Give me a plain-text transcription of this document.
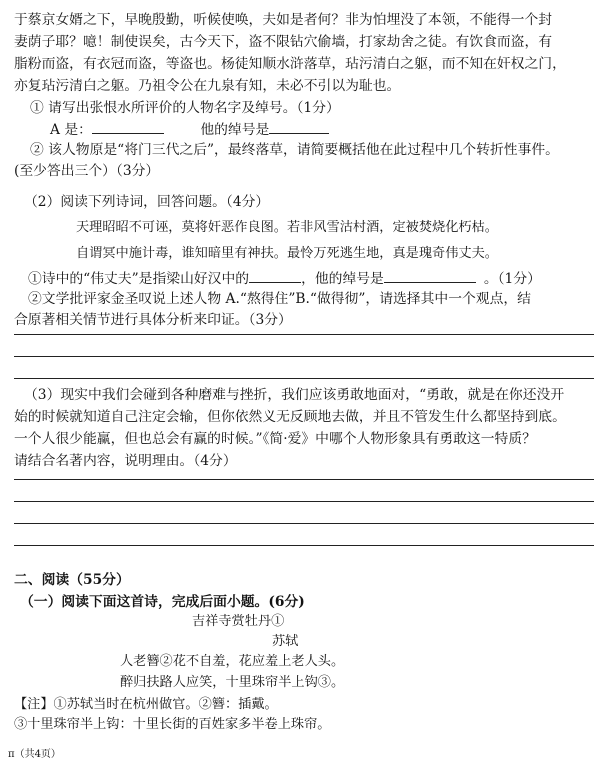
于蔡京女婿之下，早晚殷勤，听候使唤，夫如是者何？非为怕埋没了本领，不能得一个封
妻荫子耶？噫！制使误矣，古今天下，盗不限钻穴偷墙，打家劫舍之徒。有饮食而盗，有
脂粉而盗，有衣冠而盗，等盗也。杨徒知顺水浒落草，玷污清白之躯，而不知在奸权之门，
亦复玷污清白之躯。乃祖令公在九泉有知，未必不引以为耻也。
① 请写出张恨水所评价的人物名字及绰号。（1分）
A 是：	他的绰号是
② 该人物原是“将门三代之后”，最终落草，请简要概括他在此过程中几个转折性事件。
(至少答出三个）（3分）
（2）阅读下列诗词，回答问题。（4分）
天理昭昭不可诬，莫将奸恶作良图。若非风雪沽村酒，定被焚烧化朽枯。
自谓冥中施计毒，谁知暗里有神扶。最怜万死逃生地，真是瑰奇伟丈夫。
①诗中的“伟丈夫”是指梁山好汉中的	，他的绰号是	。（1分）
②文学批评家金圣叹说上述人物 A.“熬得住”B.“做得彻”，请选择其中一个观点，结
合原著相关情节进行具体分析来印证。（3分）
（3）现实中我们会碰到各种磨难与挫折，我们应该勇敢地面对，“勇敢，就是在你还没开
始的时候就知道自己注定会输，但你依然义无反顾地去做，并且不管发生什么都坚持到底。
一个人很少能赢，但也总会有赢的时候。”《简·爱》中哪个人物形象具有勇敢这一特质？
请结合名著内容，说明理由。（4分）
二、阅读（55分）
（一）阅读下面这首诗，完成后面小题。(6分)
吉祥寺赏牡丹①
苏轼
人老簪②花不自羞，花应羞上老人头。
醉归扶路人应笑，十里珠帘半上钩③。
【注】①苏轼当时在杭州做官。②簪：插戴。
③十里珠帘半上钩：十里长街的百姓家多半卷上珠帘。
π（共4页）
